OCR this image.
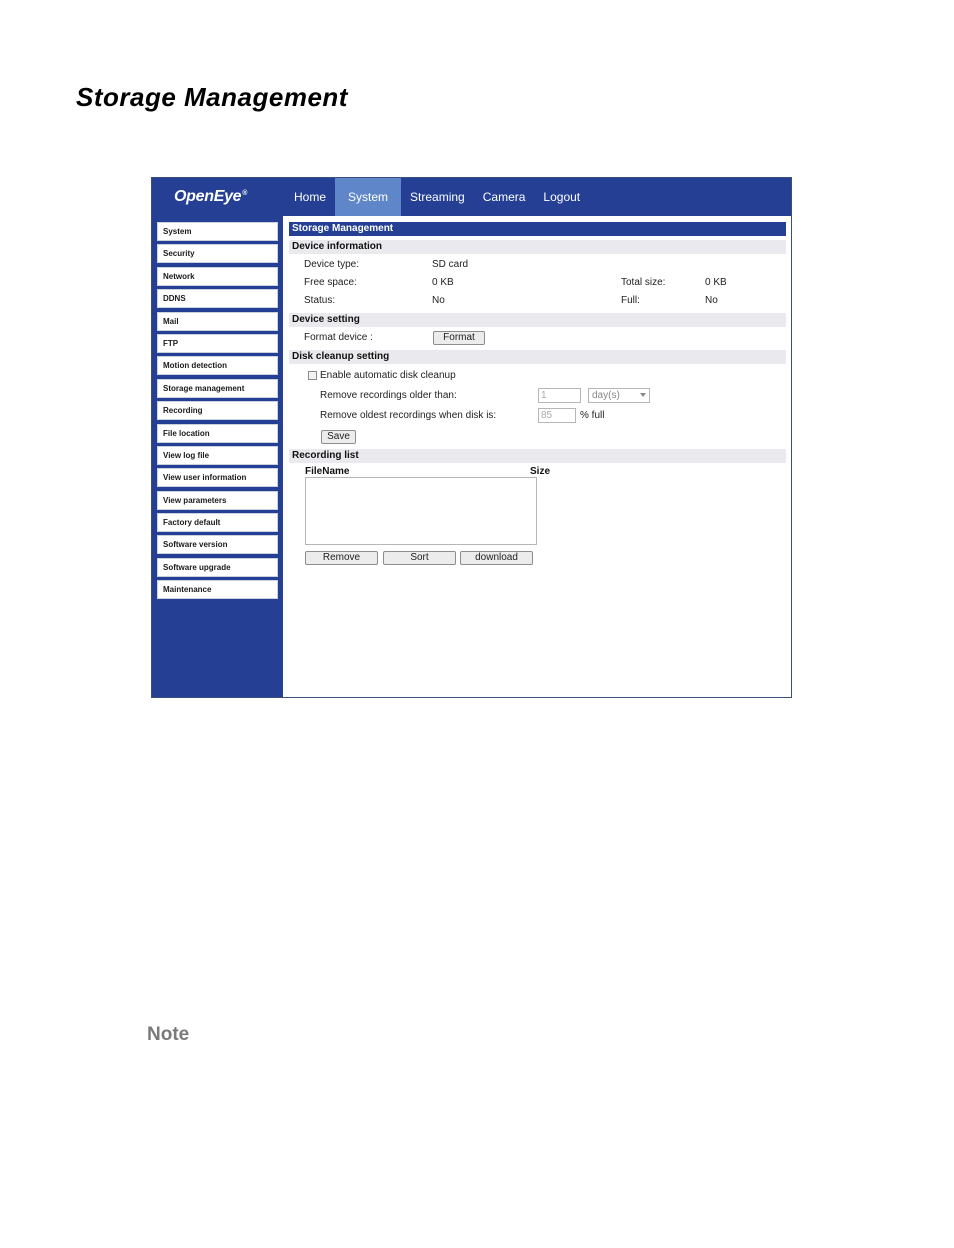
Storage Management
OpenEye®	Home	System	Streaming	Camera	Logout
System
Security
Network
DDNS
Mail
FTP
Motion detection
Storage management
Recording
File location
View log file
View user information
View parameters
Factory default
Software version
Software upgrade
Maintenance
Storage Management
Device information
Device type:	SD card
Free space:	0 KB	Total size:	0 KB
Status:	No	Full:	No
Device setting
Format device :	Format
Disk cleanup setting
Enable automatic disk cleanup
Remove recordings older than:	1	day(s)
Remove oldest recordings when disk is:	85	% full
Save
Recording list
FileName	Size
Remove	Sort	download
Note
